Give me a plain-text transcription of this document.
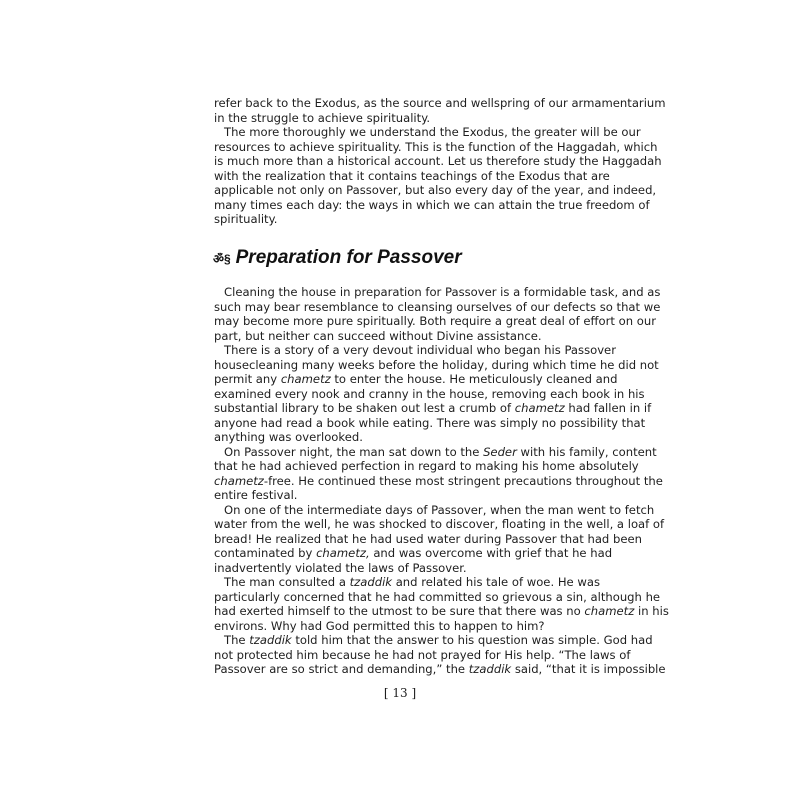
refer back to the Exodus, as the source and wellspring of our armamentarium
in the struggle to achieve spirituality.
The more thoroughly we understand the Exodus, the greater will be our
resources to achieve spirituality. This is the function of the Haggadah, which
is much more than a historical account. Let us therefore study the Haggadah
with the realization that it contains teachings of the Exodus that are
applicable not only on Passover, but also every day of the year, and indeed,
many times each day: the ways in which we can attain the true freedom of
spirituality.
ॐ§ Preparation for Passover
Cleaning the house in preparation for Passover is a formidable task, and as
such may bear resemblance to cleansing ourselves of our defects so that we
may become more pure spiritually. Both require a great deal of effort on our
part, but neither can succeed without Divine assistance.
There is a story of a very devout individual who began his Passover
housecleaning many weeks before the holiday, during which time he did not
permit any chametz to enter the house. He meticulously cleaned and
examined every nook and cranny in the house, removing each book in his
substantial library to be shaken out lest a crumb of chametz had fallen in if
anyone had read a book while eating. There was simply no possibility that
anything was overlooked.
On Passover night, the man sat down to the Seder with his family, content
that he had achieved perfection in regard to making his home absolutely
chametz-free. He continued these most stringent precautions throughout the
entire festival.
On one of the intermediate days of Passover, when the man went to fetch
water from the well, he was shocked to discover, floating in the well, a loaf of
bread! He realized that he had used water during Passover that had been
contaminated by chametz, and was overcome with grief that he had
inadvertently violated the laws of Passover.
The man consulted a tzaddik and related his tale of woe. He was
particularly concerned that he had committed so grievous a sin, although he
had exerted himself to the utmost to be sure that there was no chametz in his
environs. Why had God permitted this to happen to him?
The tzaddik told him that the answer to his question was simple. God had
not protected him because he had not prayed for His help. “The laws of
Passover are so strict and demanding,” the tzaddik said, “that it is impossible
[ 13 ]
